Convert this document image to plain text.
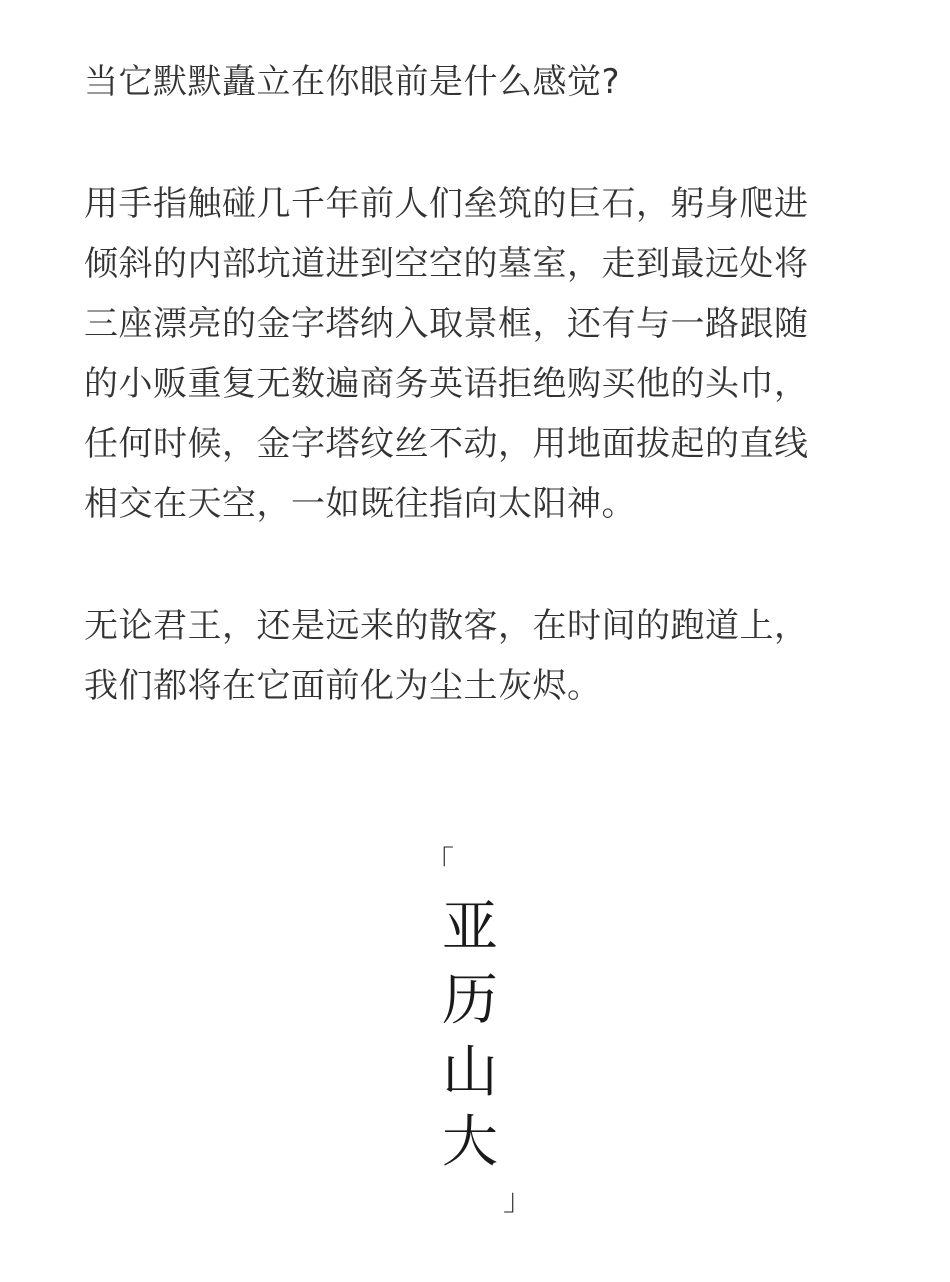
当它默默矗立在你眼前是什么感觉?

用手指触碰几千年前人们垒筑的巨石，躬身爬进
倾斜的内部坑道进到空空的墓室，走到最远处将
三座漂亮的金字塔纳入取景框，还有与一路跟随
的小贩重复无数遍商务英语拒绝购买他的头巾，
任何时候，金字塔纹丝不动，用地面拔起的直线
相交在天空，一如既往指向太阳神。

无论君王，还是远来的散客，在时间的跑道上，
我们都将在它面前化为尘土灰烬。

「
亚
历
山
大
」
